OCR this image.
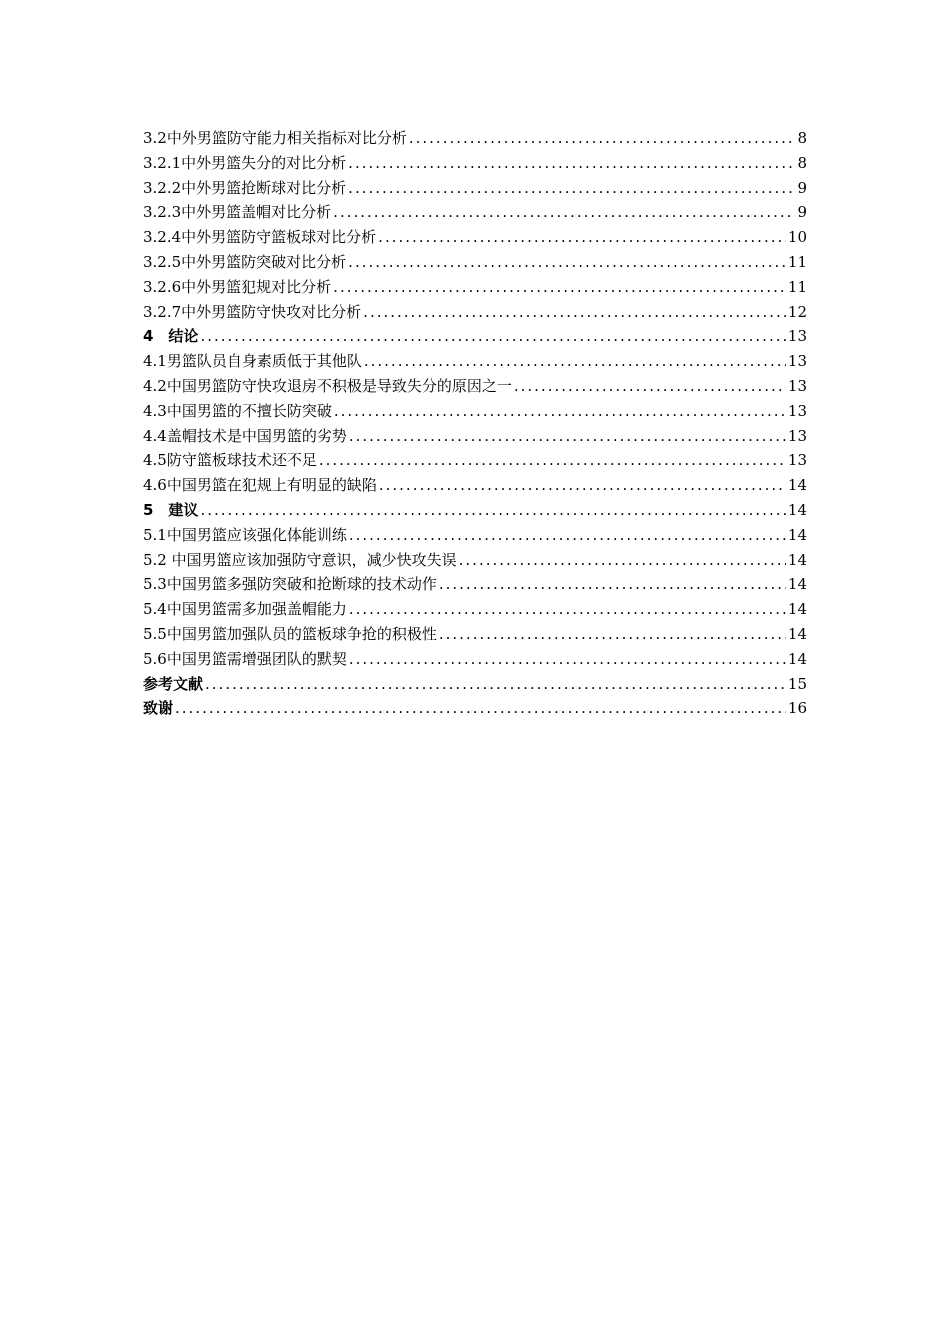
3.2中外男篮防守能力相关指标对比分析 .....	8
3.2.1中外男篮失分的对比分析 .....	8
3.2.2中外男篮抢断球对比分析 .....	9
3.2.3中外男篮盖帽对比分析 .....	9
3.2.4中外男篮防守篮板球对比分析 .....	10
3.2.5中外男篮防突破对比分析 .....	11
3.2.6中外男篮犯规对比分析 .....	11
3.2.7中外男篮防守快攻对比分析 .....	12
4　结论 .....	13
4.1男篮队员自身素质低于其他队 .....	13
4.2中国男篮防守快攻退房不积极是导致失分的原因之一 .....	13
4.3中国男篮的不擅长防突破 .....	13
4.4盖帽技术是中国男篮的劣势 .....	13
4.5防守篮板球技术还不足 .....	13
4.6中国男篮在犯规上有明显的缺陷 .....	14
5　建议 .....	14
5.1中国男篮应该强化体能训练 .....	14
5.2 中国男篮应该加强防守意识，减少快攻失误 .....	14
5.3中国男篮多强防突破和抢断球的技术动作 .....	14
5.4中国男篮需多加强盖帽能力 .....	14
5.5中国男篮加强队员的篮板球争抢的积极性 .....	14
5.6中国男篮需增强团队的默契 .....	14
参考文献 .....	15
致谢 .....	16
